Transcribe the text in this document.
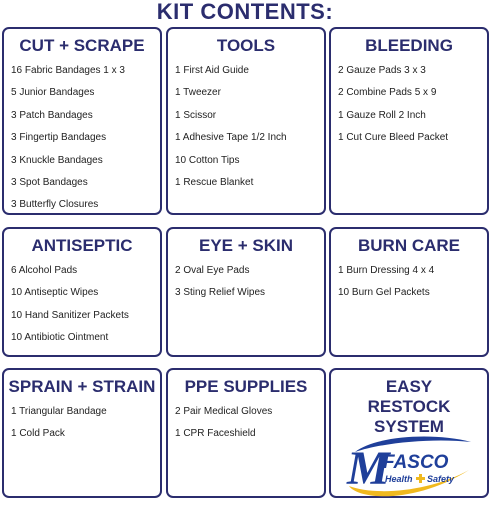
KIT CONTENTS:
CUT + SCRAPE
16 Fabric Bandages 1 x 3
5 Junior Bandages
3 Patch Bandages
3 Fingertip Bandages
3 Knuckle Bandages
3 Spot Bandages
3 Butterfly Closures
TOOLS
1 First Aid Guide
1 Tweezer
1 Scissor
1 Adhesive Tape 1/2 Inch
10 Cotton Tips
1 Rescue Blanket
BLEEDING
2 Gauze Pads 3 x 3
2 Combine Pads 5 x 9
1 Gauze Roll 2 Inch
1 Cut Cure Bleed Packet
ANTISEPTIC
6 Alcohol Pads
10 Antiseptic Wipes
10 Hand Sanitizer Packets
10 Antibiotic Ointment
EYE + SKIN
2 Oval Eye Pads
3 Sting Relief Wipes
BURN CARE
1 Burn Dressing 4 x 4
10 Burn Gel Packets
SPRAIN + STRAIN
1 Triangular Bandage
1 Cold Pack
PPE SUPPLIES
2 Pair Medical Gloves
1 CPR Faceshield
EASY RESTOCK SYSTEM
M
FASCO
Health Safety
